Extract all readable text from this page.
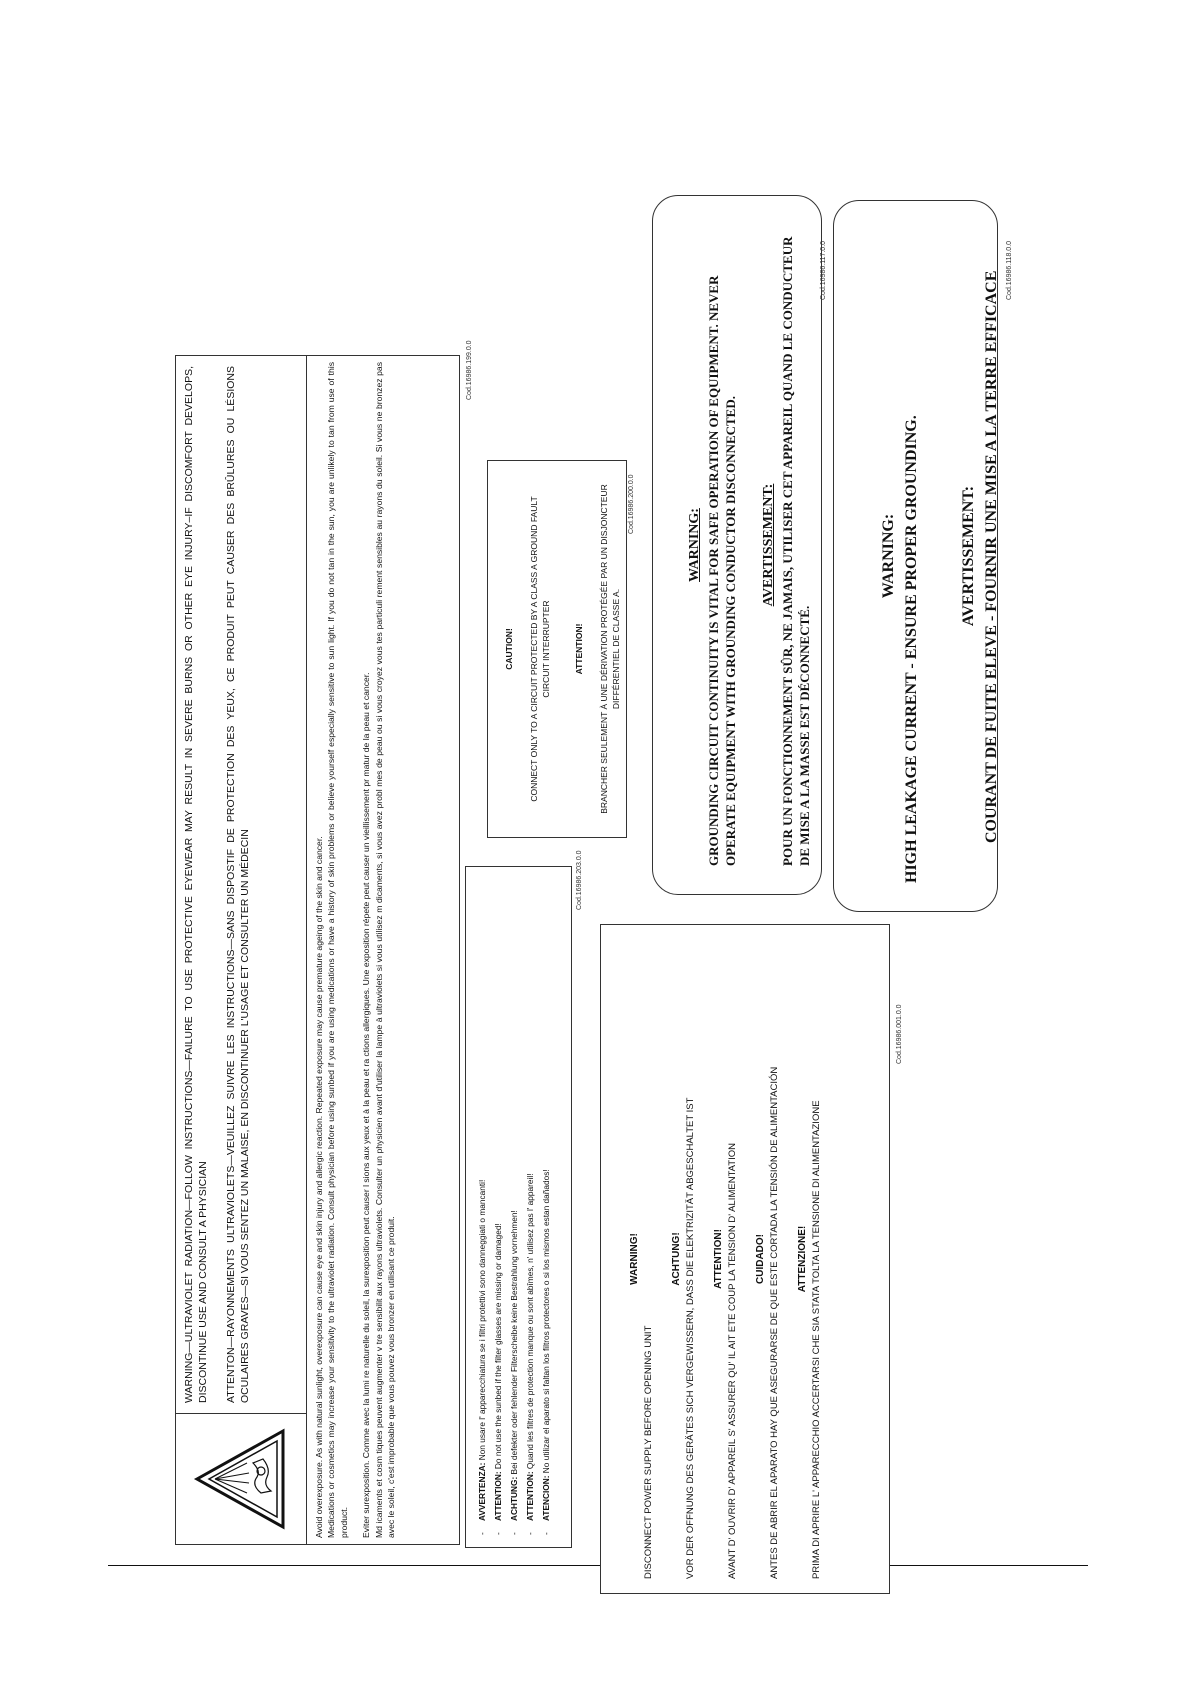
WARNING—ULTRAVIOLET RADIATION—FOLLOW INSTRUCTIONS—FAILURE TO USE PROTECTIVE EYEWEAR MAY RESULT IN SEVERE BURNS OR OTHER EYE INJURY–IF DISCOMFORT DEVELOPS, DISCONTINUE USE AND CONSULT A PHYSICIAN ATTENTON—RAYONNEMENTS ULTRAVIOLETS—VEUILLEZ SUIVRE LES INSTRUCTIONS—SANS DISPOSTIF DE PROTECTION DES YEUX, CE PRODUIT PEUT CAUSER DES BRÛLURES OU LÉSIONS OCULAIRES GRAVES—SI VOUS SENTEZ UN MALAISE, EN DISCONTINUER L'USAGE ET CONSULTER UN MÉDECIN	Avoid overexposure. As with natural sunlight, overexposure can cause eye and skin injury and allergic reaction. Repeated exposure may cause premature ageing of the skin and cancer. Medications or cosmetics may increase your sensitivity to the ultraviolet radiation. Consult physician before using sunbed if you are using medications or have a history of skin problems or believe yourself especially sensitive to sun light. If you do not tan in the sun, you are unlikely to tan from use of this product. Eviter surexposition. Comme avec la lumi re naturelle du soleil, la surexposition peut causer l sions aux yeux et à la peau et ra ctions allergiques. Une exposition répete peut causer un vieillissement pr matur de la peau et cancer. Md icaments et cosm tiques peuvent augmenter v tre sensibilit aux rayons ultraviolets. Consulter un physicien avant d'utiliser la lampe à ultraviolets si vous utilisez m dicaments, si vous avez probl mes de peau ou si vous croyez vous tes particuli rement sensibles au rayons du soleil. Si vous ne bronzez pas avec le soleil, c'est improbable que vous pouvez vous bronzer en utilisant ce produit.

Cod.16986.199.0.0
- AVVERTENZA: Non usare l' apparecchiatura se i filtri protettivi sono danneggiati o mancanti!
- ATTENTION: Do not use the sunbed if the filter glasses are missing or damaged!
- ACHTUNG: Bei defekter oder fehlender Filterscheibe keine Bestrahlung vornehmen!
- ATTENTION: Quand les filtres de protection manque ou sont abîmes, n' utilisez pas l' appareil!
- ATENCION: No utilizar el aparato si faltan los filtros protectores o si los mismos estan dañados!
Cod.16986.203.0.0
CAUTION! CONNECT ONLY TO A CIRCUIT PROTECTED BY A CLASS A GROUND FAULT CIRCUIT INTERRUPTER	ATTENTION! BRANCHER SEULEMENT À UNE DÉRIVATION PROTÉGÉE PAR UN DISJONCTEUR DIFFÉRENTIEL DE CLASSE A.

Cod.16986.200.0.0
WARNING!

DISCONNECT POWER SUPPLY BEFORE OPENING UNIT

ACHTUNG! VOR DER OFFNUNG DES GERÄTES SICH VERGEWISSERN, DASS DIE ELEKTRIZITÄT ABGESCHALTET IST ATTENTION! AVANT D' OUVRIR D' APPAREIL S' ASSURER QU' IL AIT ETE COUP LA TENSION D' ALIMENTATION CUIDADO! ANTES DE ABRIR EL APARATO HAY QUE ASEGURARSE DE QUE ESTE CORTADA LA TENSIÓN DE ALIMENTACIÓN ATTENZIONE! PRIMA DI APRIRE L' APPARECCHIO ACCERTARSI CHE SIA STATA TOLTA LA TENSIONE DI ALIMENTAZIONE

Cod.16986.001.0.0
WARNING: GROUNDING CIRCUIT CONTINUITY IS VITAL FOR SAFE OPERATION OF EQUIPMENT. NEVER OPERATE EQUIPMENT WITH GROUNDING CONDUCTOR DISCONNECTED. AVERTISSEMENT: POUR UN FONCTIONNEMENT SÛR, NE JAMAIS, UTILISER CET APPAREIL QUAND LE CONDUCTEUR DE MISE A LA MASSE EST DÉCONNECTÉ.

Cod.16986.117.0.0
WARNING: HIGH LEAKAGE CURRENT - ENSURE PROPER GROUNDING.	AVERTISSEMENT: COURANT DE FUITE ELEVE - FOURNIR UNE MISE A LA TERRE EFFICACE

Cod.16986.118.0.0
